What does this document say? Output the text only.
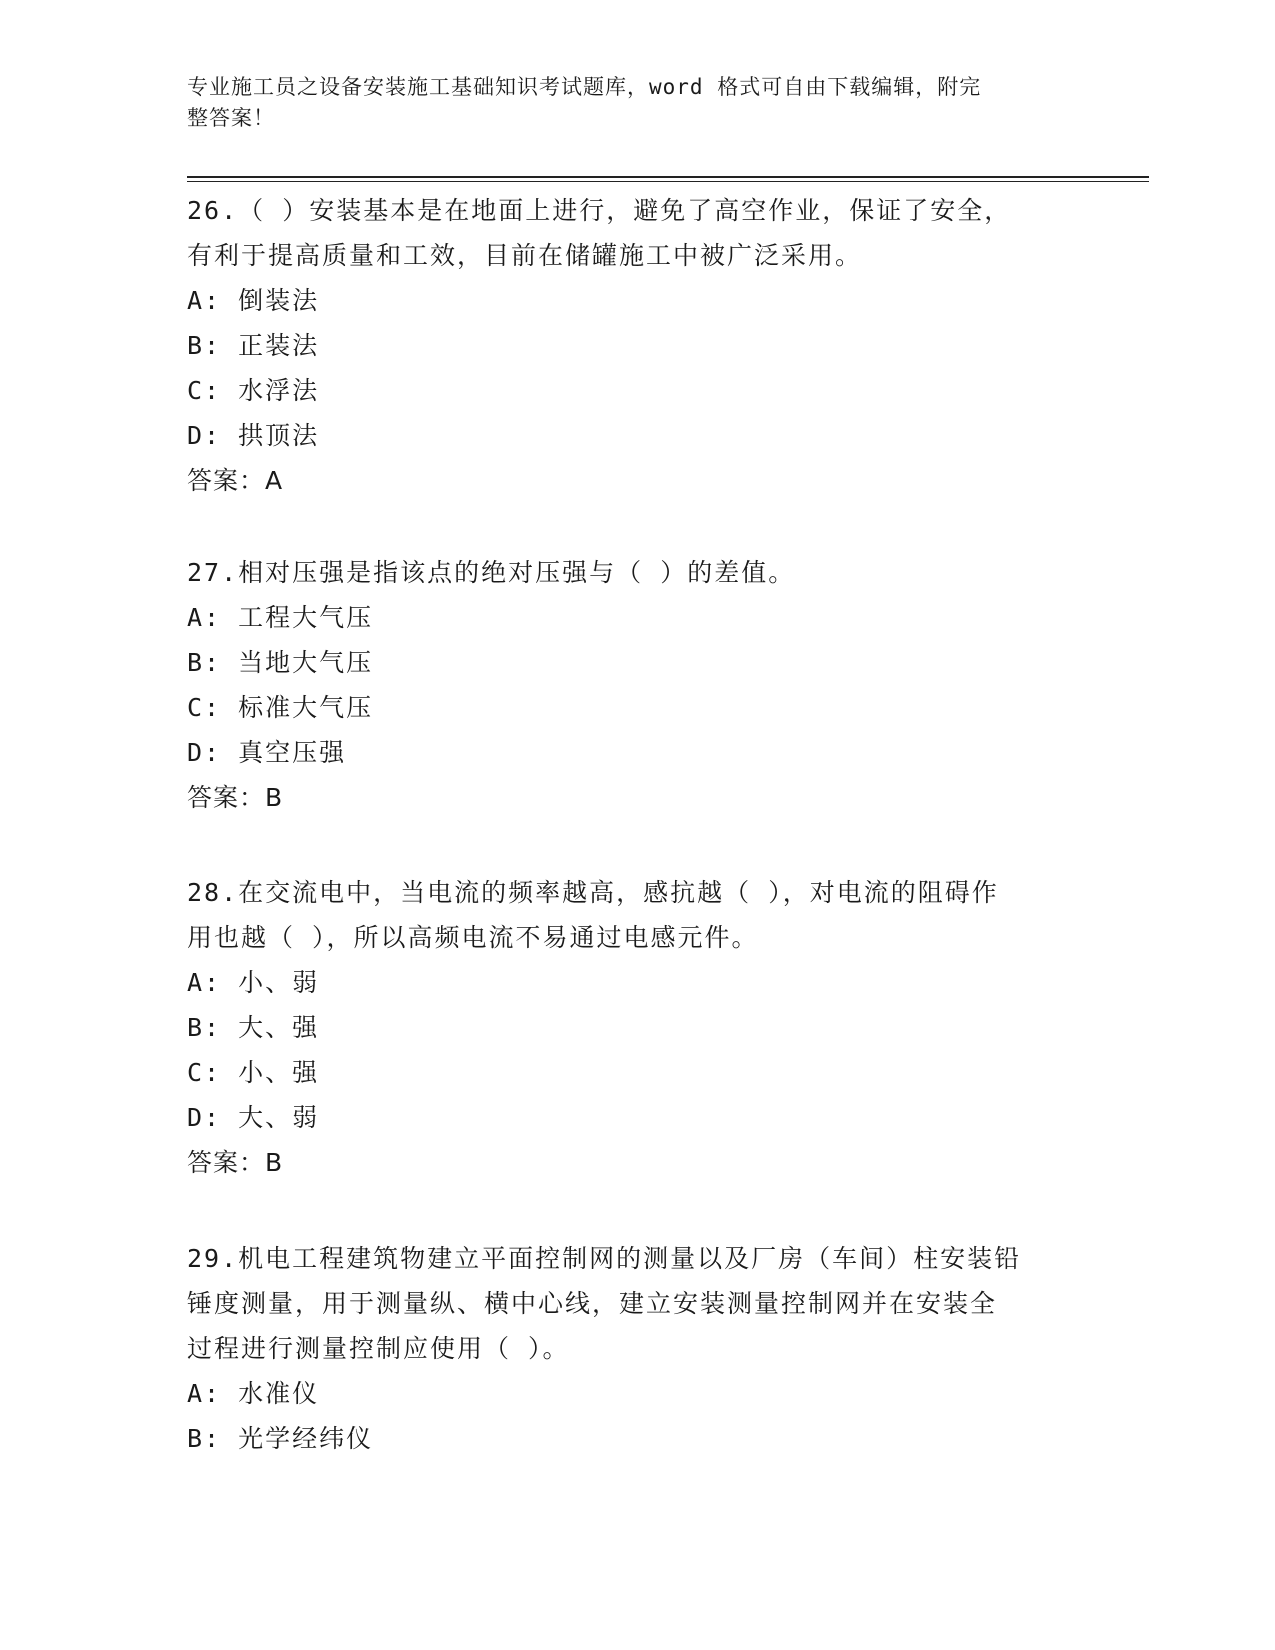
专业施工员之设备安装施工基础知识考试题库，word 格式可自由下载编辑，附完
整答案！
26.（ ）安装基本是在地面上进行，避免了高空作业，保证了安全，
有利于提高质量和工效，目前在储罐施工中被广泛采用。
A: 倒装法
B: 正装法
C: 水浮法
D: 拱顶法
答案：A
27.相对压强是指该点的绝对压强与（ ）的差值。
A: 工程大气压
B: 当地大气压
C: 标准大气压
D: 真空压强
答案：B
28.在交流电中，当电流的频率越高，感抗越（ ），对电流的阻碍作
用也越（ ），所以高频电流不易通过电感元件。
A: 小、弱
B: 大、强
C: 小、强
D: 大、弱
答案：B
29.机电工程建筑物建立平面控制网的测量以及厂房（车间）柱安装铅
锤度测量，用于测量纵、横中心线，建立安装测量控制网并在安装全
过程进行测量控制应使用（ ）。
A: 水准仪
B: 光学经纬仪
